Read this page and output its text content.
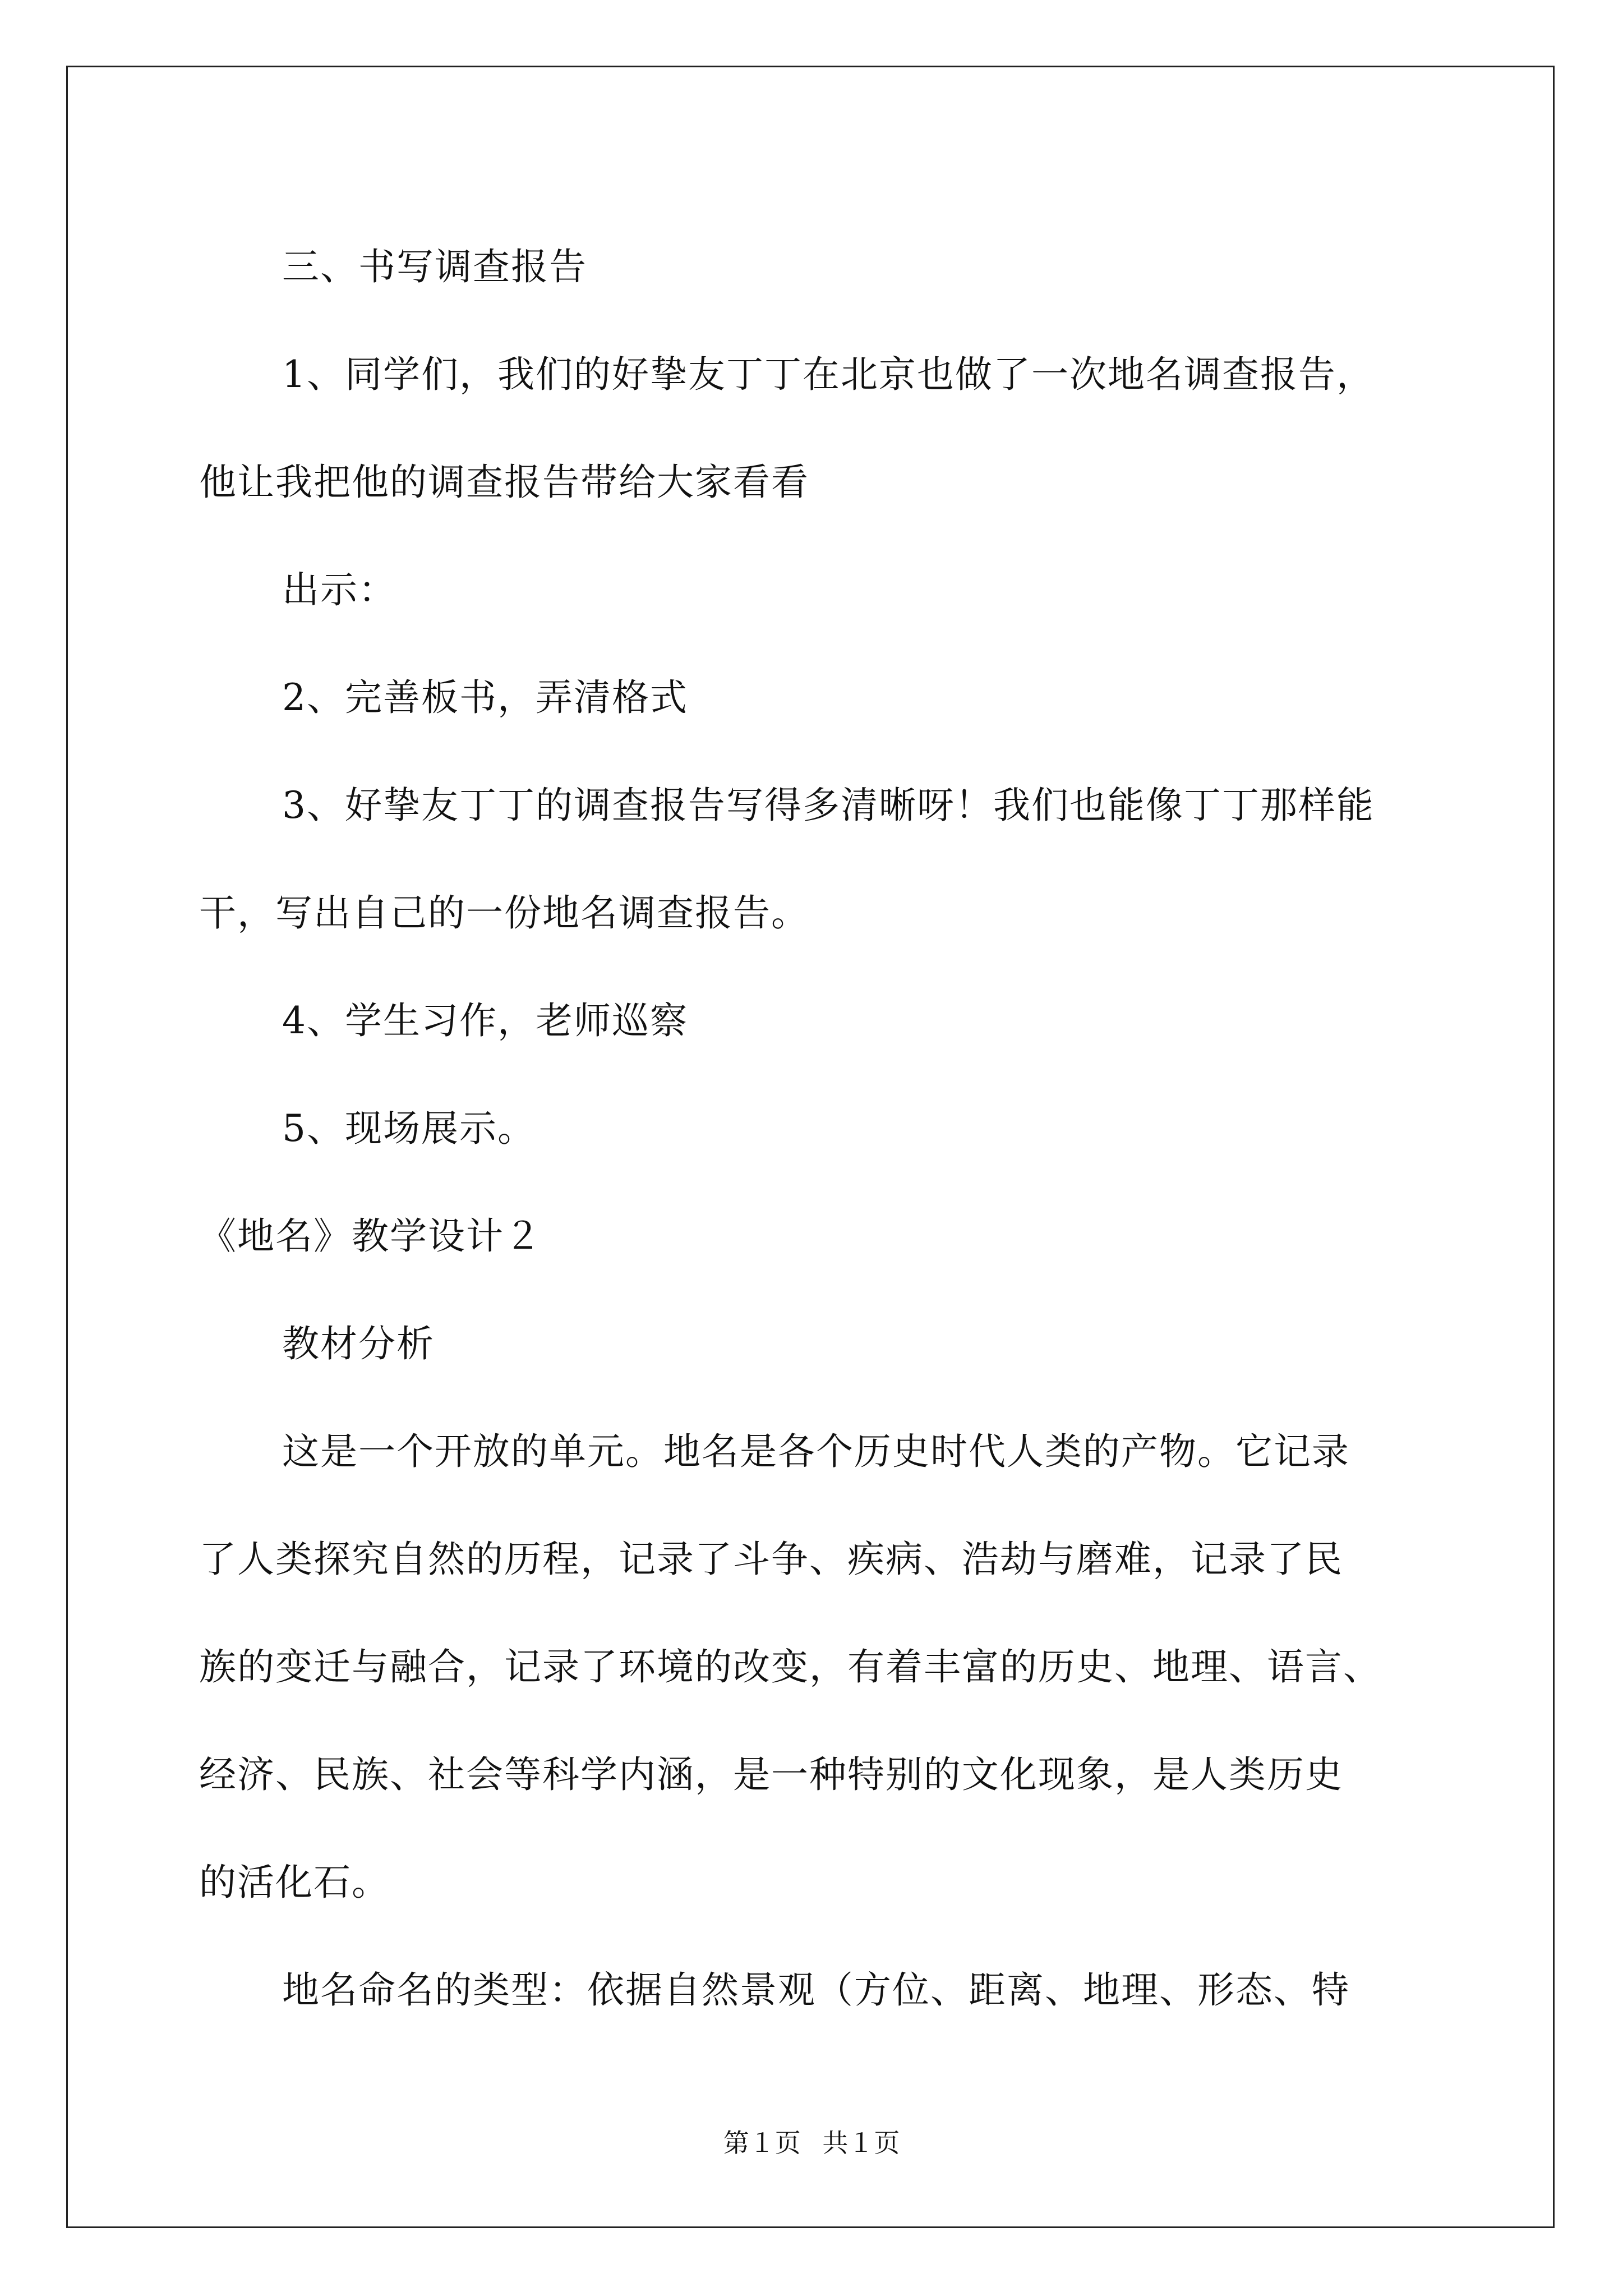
三、书写调查报告
1、同学们，我们的好挚友丁丁在北京也做了一次地名调查报告，
他让我把他的调查报告带给大家看看
出示：
2、完善板书，弄清格式
3、好挚友丁丁的调查报告写得多清晰呀！我们也能像丁丁那样能
干，写出自己的一份地名调查报告。
4、学生习作，老师巡察
5、现场展示。
《地名》教学设计２
教材分析
这是一个开放的单元。地名是各个历史时代人类的产物。它记录
了人类探究自然的历程，记录了斗争、疾病、浩劫与磨难，记录了民
族的变迁与融合，记录了环境的改变，有着丰富的历史、地理、语言、
经济、民族、社会等科学内涵，是一种特别的文化现象，是人类历史
的活化石。
地名命名的类型：依据自然景观（方位、距离、地理、形态、特
第１页 共１页
